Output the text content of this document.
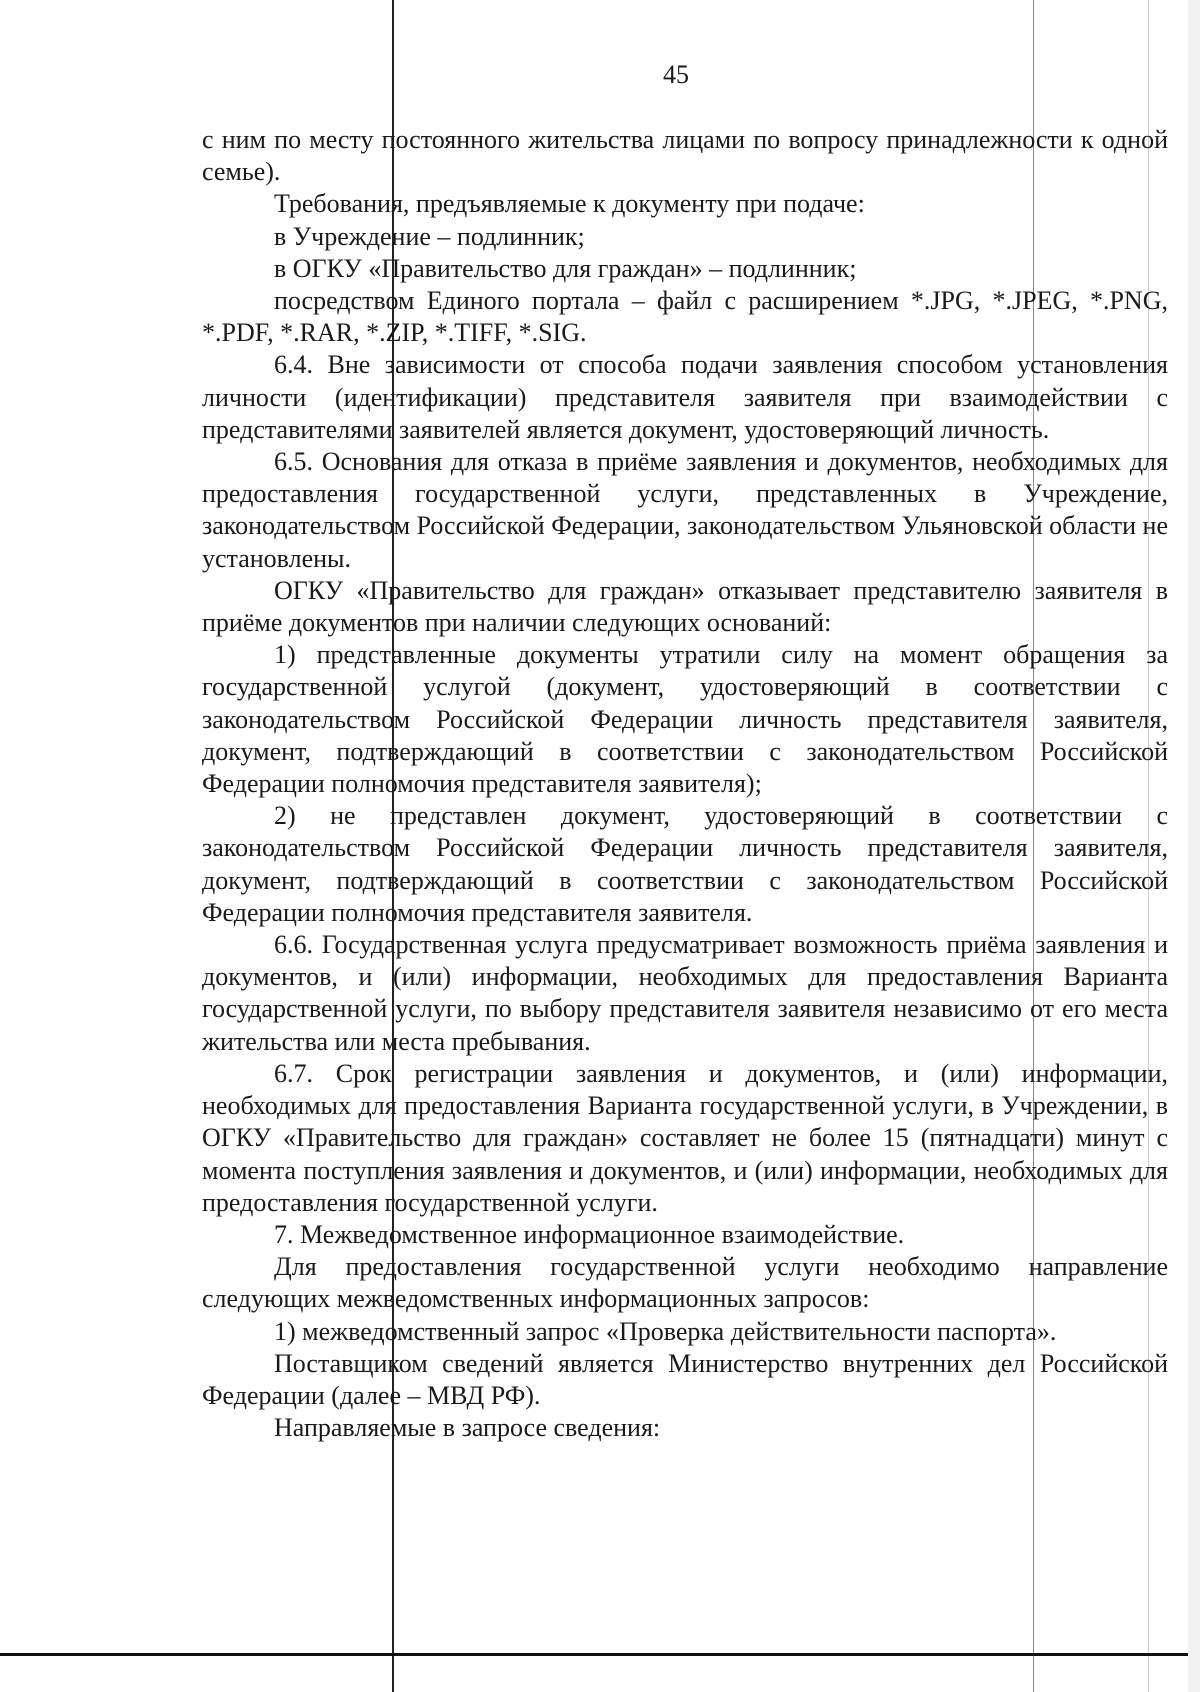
45

с ним по месту постоянного жительства лицами по вопросу принадлежности к одной семье).

Требования, предъявляемые к документу при подаче:

в Учреждение – подлинник;

в ОГКУ «Правительство для граждан» – подлинник;

посредством Единого портала – файл с расширением *.JPG, *.JPEG, *.PNG, *.PDF, *.RAR, *.ZIP, *.TIFF, *.SIG.

6.4. Вне зависимости от способа подачи заявления способом установления личности (идентификации) представителя заявителя при взаимодействии с представителями заявителей является документ, удостоверяющий личность.

6.5. Основания для отказа в приёме заявления и документов, необходимых для предоставления государственной услуги, представленных в Учреждение, законодательством Российской Федерации, законодательством Ульяновской области не установлены.

ОГКУ «Правительство для граждан» отказывает представителю заявителя в приёме документов при наличии следующих оснований:

1) представленные документы утратили силу на момент обращения за государственной услугой (документ, удостоверяющий в соответствии с законодательством Российской Федерации личность представителя заявителя, документ, подтверждающий в соответствии с законодательством Российской Федерации полномочия представителя заявителя);

2) не представлен документ, удостоверяющий в соответствии с законодательством Российской Федерации личность представителя заявителя, документ, подтверждающий в соответствии с законодательством Российской Федерации полномочия представителя заявителя.

6.6. Государственная услуга предусматривает возможность приёма заявления и документов, и (или) информации, необходимых для предоставления Варианта государственной услуги, по выбору представителя заявителя независимо от его места жительства или места пребывания.

6.7. Срок регистрации заявления и документов, и (или) информации, необходимых для предоставления Варианта государственной услуги, в Учреждении, в ОГКУ «Правительство для граждан» составляет не более 15 (пятнадцати) минут с момента поступления заявления и документов, и (или) информации, необходимых для предоставления государственной услуги.

7. Межведомственное информационное взаимодействие.

Для предоставления государственной услуги необходимо направление следующих межведомственных информационных запросов:

1) межведомственный запрос «Проверка действительности паспорта».

Поставщиком сведений является Министерство внутренних дел Российской Федерации (далее – МВД РФ).

Направляемые в запросе сведения:
